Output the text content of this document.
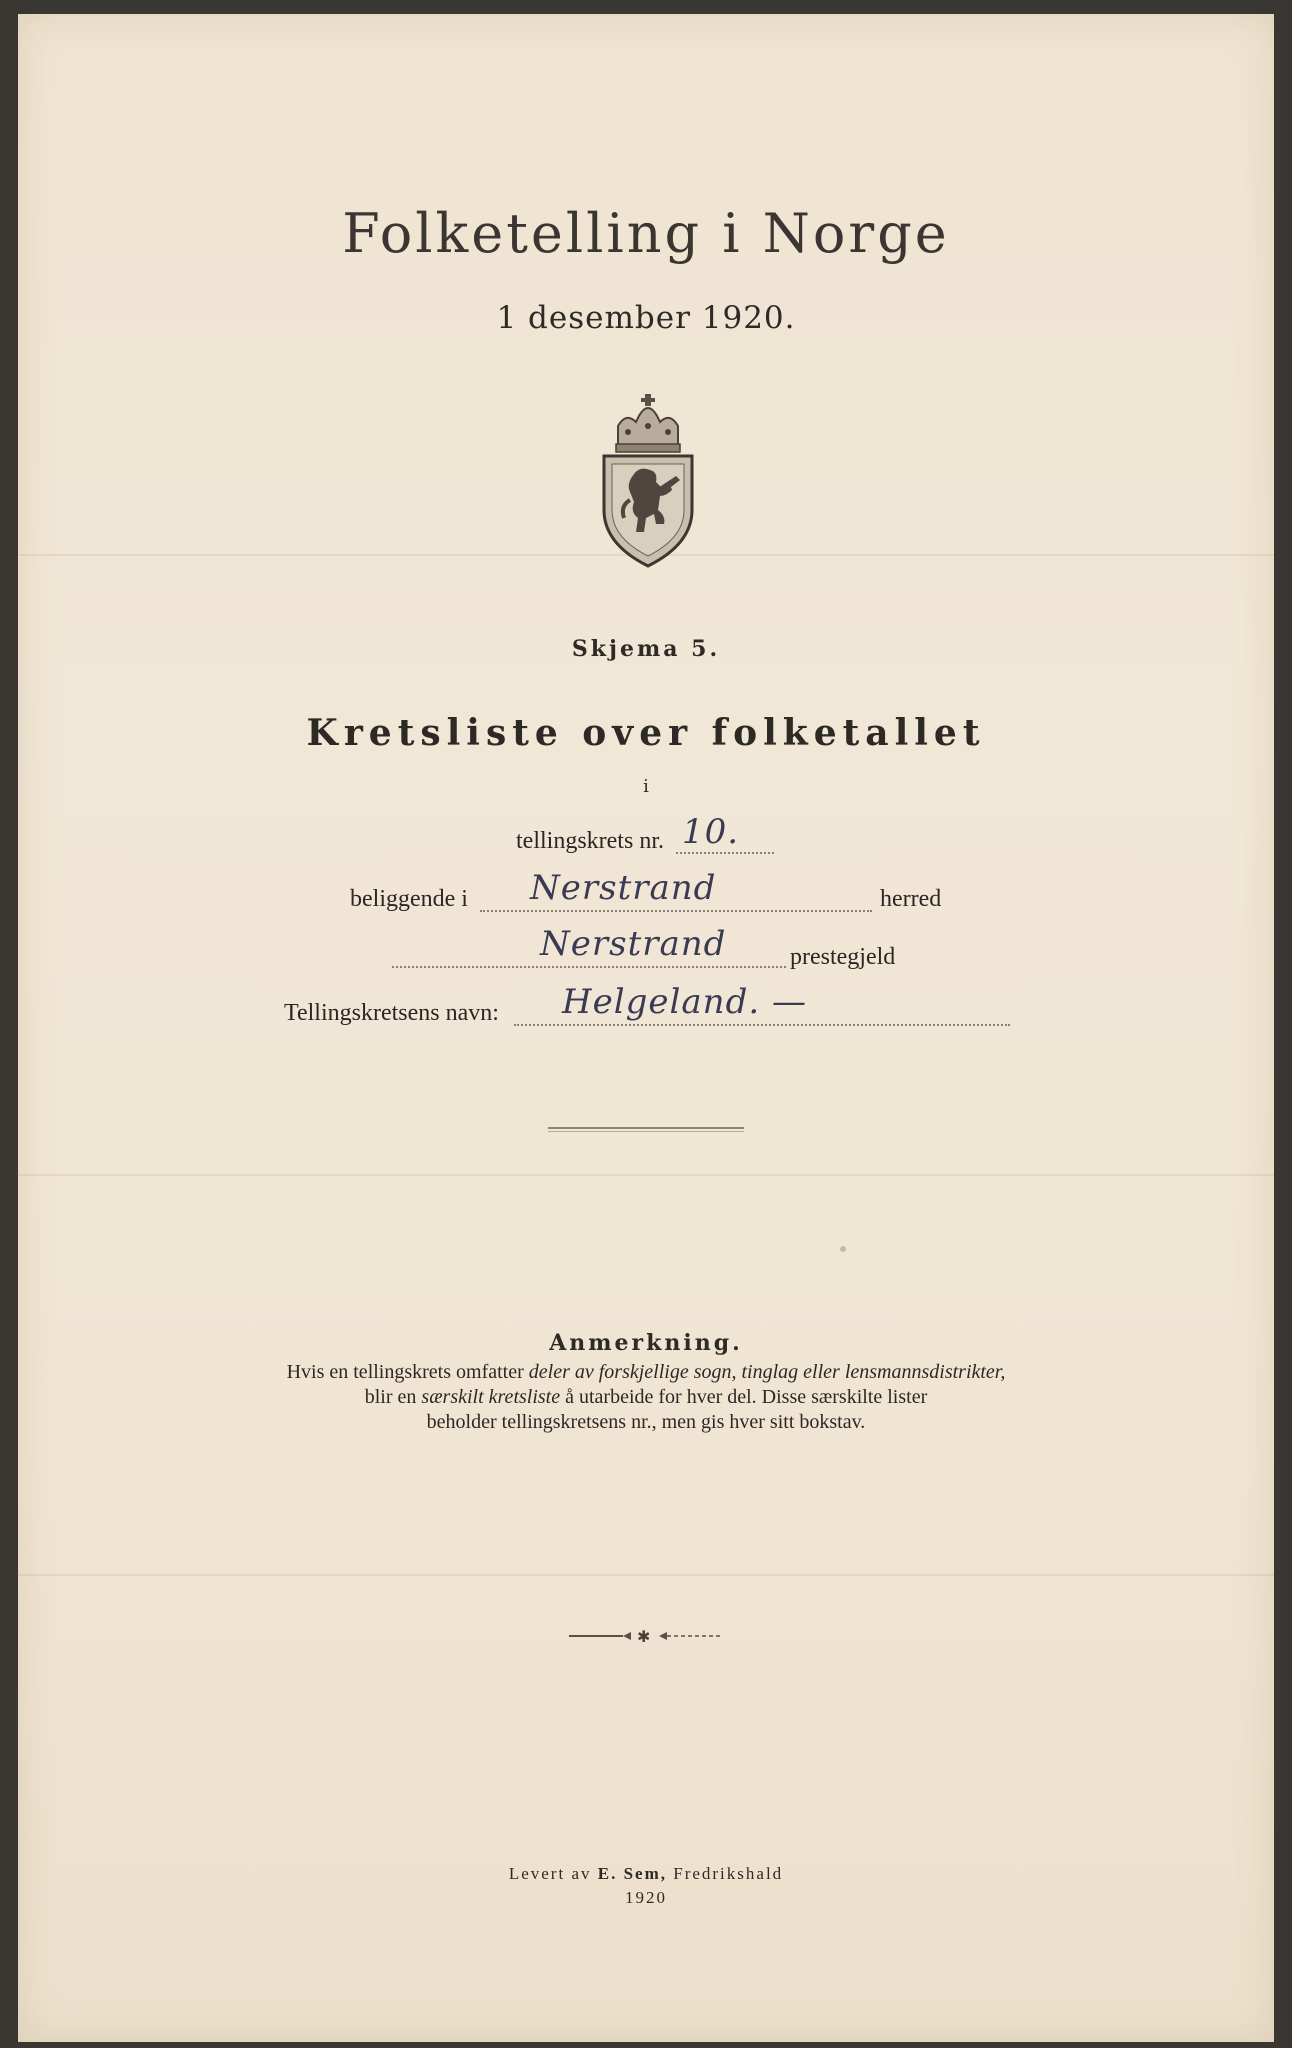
Folketelling i Norge
1 desember 1920.
Skjema 5.
Kretsliste over folketallet
i
tellingskrets nr. 10.
beliggende i Nerstrand	herred
Nerstrand	prestegjeld
Tellingskretsens navn: Helgeland. —
Anmerkning.
Hvis en tellingskrets omfatter deler av forskjellige sogn, tinglag eller lensmannsdistrikter,
blir en særskilt kretsliste å utarbeide for hver del. Disse særskilte lister
beholder tellingskretsens nr., men gis hver sitt bokstav.
✱
Levert av E. Sem, Fredrikshald
1920
